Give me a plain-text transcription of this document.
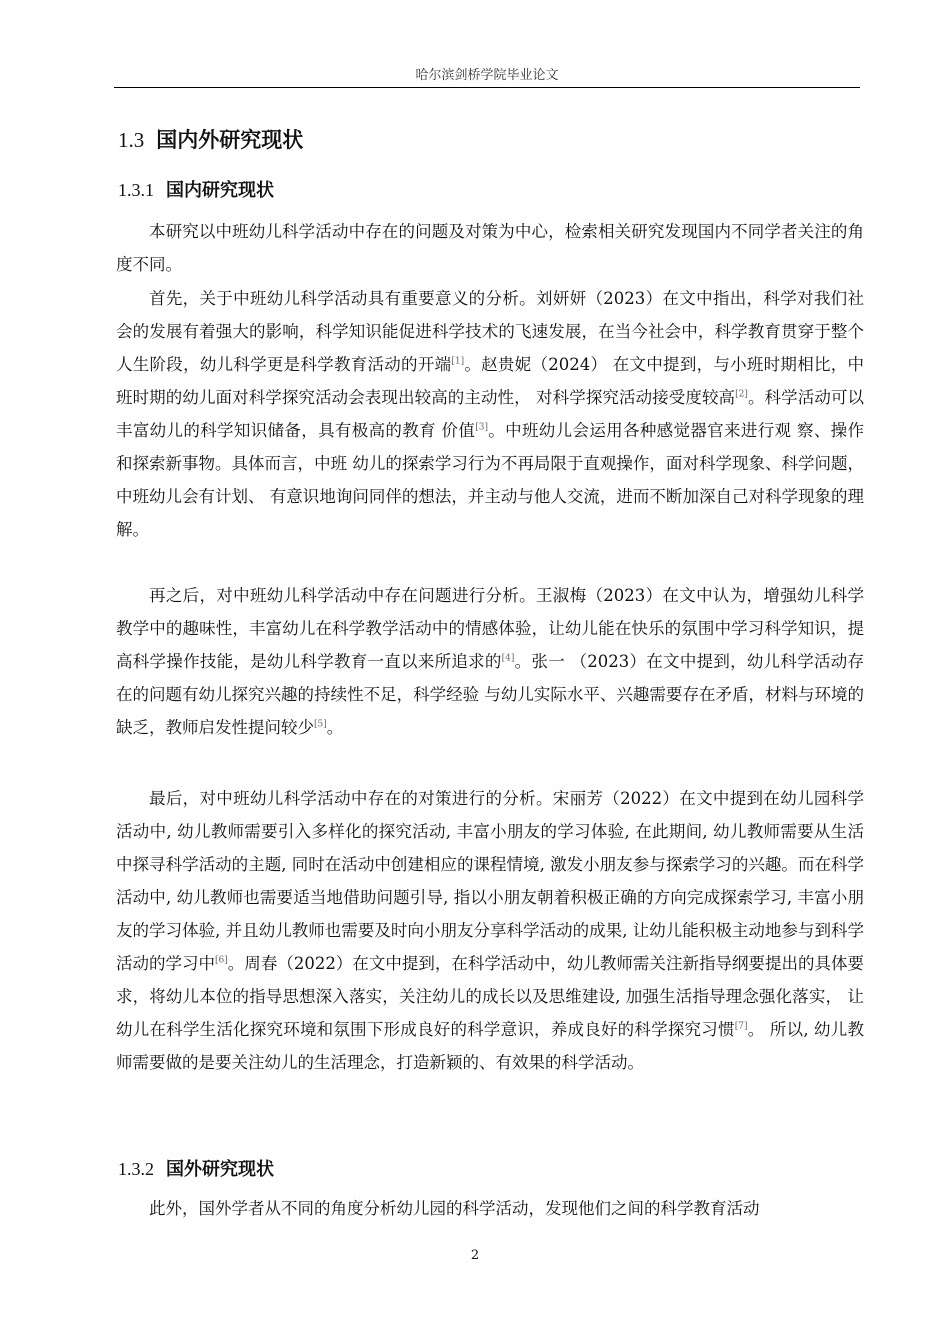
哈尔滨剑桥学院毕业论文
1.3 国内外研究现状
1.3.1 国内研究现状

本研究以中班幼儿科学活动中存在的问题及对策为中心，检索相关研究发现国内不同学者关注的角度不同。

首先，关于中班幼儿科学活动具有重要意义的分析。刘妍妍（2023）在文中指出，科学对我们社会的发展有着强大的影响，科学知识能促进科学技术的飞速发展，在当今社会中，科学教育贯穿于整个人生阶段，幼儿科学更是科学教育活动的开端[1]。赵贵妮（2024） 在文中提到，与小班时期相比，中班时期的幼儿面对科学探究活动会表现出较高的主动性， 对科学探究活动接受度较高[2]。科学活动可以丰富幼儿的科学知识储备，具有极高的教育 价值[3]。中班幼儿会运用各种感觉器官来进行观 察、操作和探索新事物。具体而言，中班 幼儿的探索学习行为不再局限于直观操作，面对科学现象、科学问题，中班幼儿会有计划、 有意识地询问同伴的想法，并主动与他人交流，进而不断加深自己对科学现象的理解。

再之后，对中班幼儿科学活动中存在问题进行分析。王淑梅（2023）在文中认为，增强幼儿科学教学中的趣味性，丰富幼儿在科学教学活动中的情感体验，让幼儿能在快乐的氛围中学习科学知识，提高科学操作技能，是幼儿科学教育一直以来所追求的[4]。张一 （2023）在文中提到，幼儿科学活动存在的问题有幼儿探究兴趣的持续性不足，科学经验 与幼儿实际水平、兴趣需要存在矛盾，材料与环境的缺乏，教师启发性提问较少[5]。

最后，对中班幼儿科学活动中存在的对策进行的分析。宋丽芳（2022）在文中提到在幼儿园科学活动中, 幼儿教师需要引入多样化的探究活动, 丰富小朋友的学习体验, 在此期间, 幼儿教师需要从生活中探寻科学活动的主题, 同时在活动中创建相应的课程情境, 激发小朋友参与探索学习的兴趣。而在科学活动中, 幼儿教师也需要适当地借助问题引导, 指以小朋友朝着积极正确的方向完成探索学习, 丰富小朋友的学习体验, 并且幼儿教师也需要及时向小朋友分享科学活动的成果, 让幼儿能积极主动地参与到科学活动的学习中[6]。周春（2022）在文中提到，在科学活动中，幼儿教师需关注新指导纲要提出的具体要求，将幼儿本位的指导思想深入落实，关注幼儿的成长以及思维建设, 加强生活指导理念强化落实， 让幼儿在科学生活化探究环境和氛围下形成良好的科学意识，养成良好的科学探究习惯[7]。 所以, 幼儿教师需要做的是要关注幼儿的生活理念，打造新颖的、有效果的科学活动。

1.3.2 国外研究现状

此外，国外学者从不同的角度分析幼儿园的科学活动，发现他们之间的科学教育活动

2
